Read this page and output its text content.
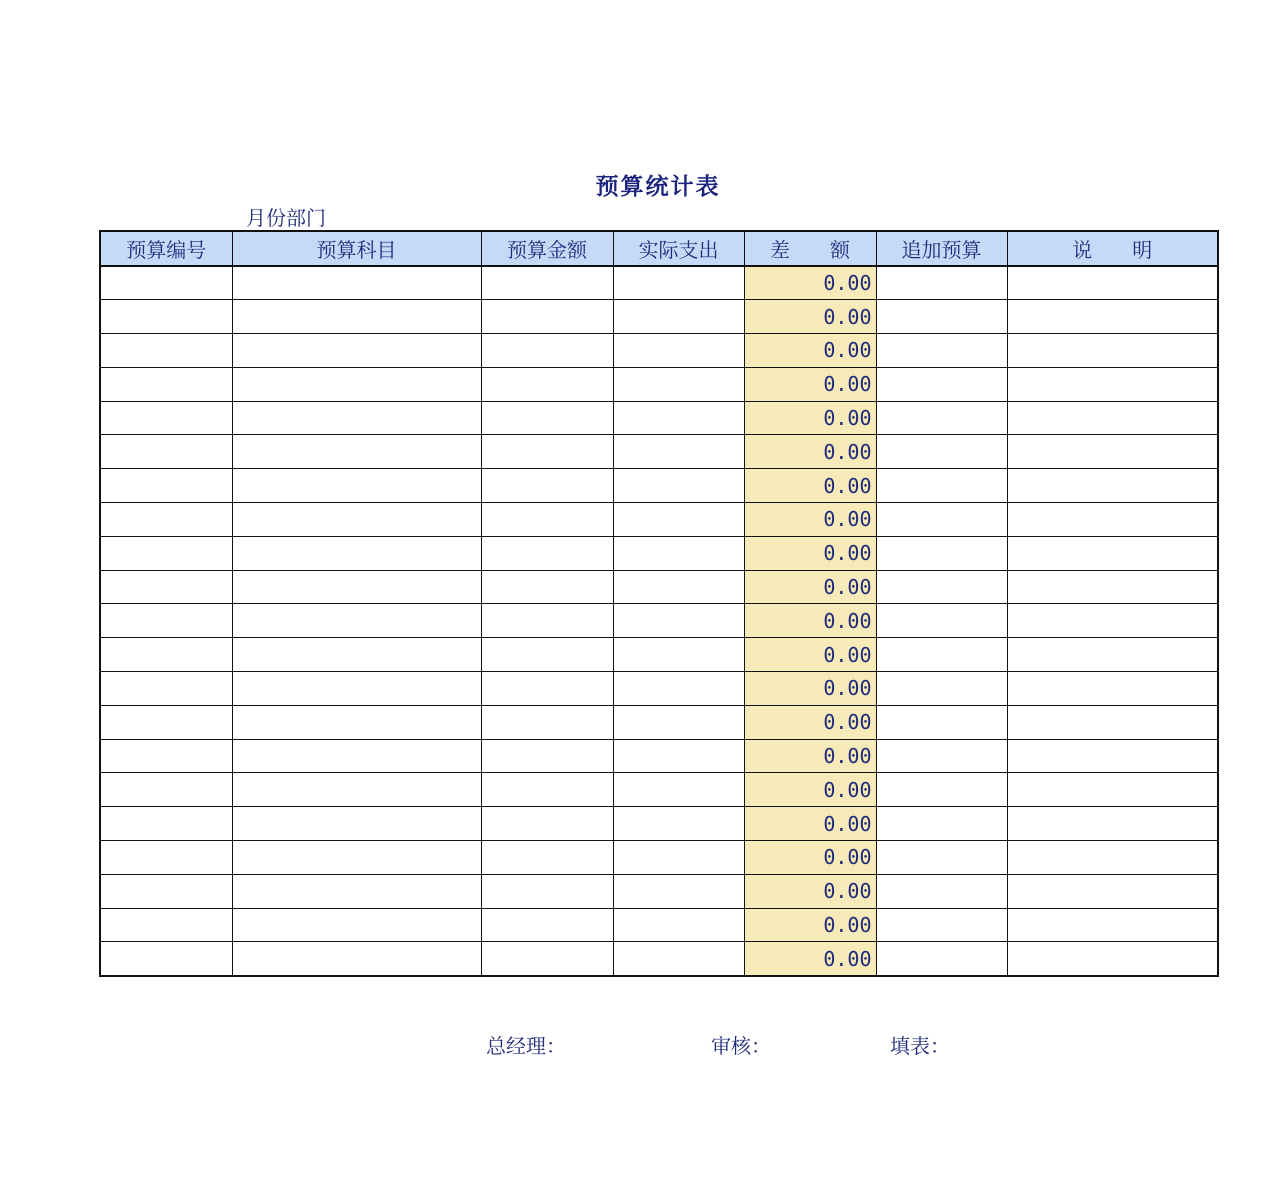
预算统计表
月份部门
预算编号	预算科目	预算金额	实际支出	差　　额	追加预算	说　　明
				0.00		
				0.00		
				0.00		
				0.00		
				0.00		
				0.00		
				0.00		
				0.00		
				0.00		
				0.00		
				0.00		
				0.00		
				0.00		
				0.00		
				0.00		
				0.00		
				0.00		
				0.00		
				0.00		
				0.00		
				0.00		
总经理：	审核：	填表：
